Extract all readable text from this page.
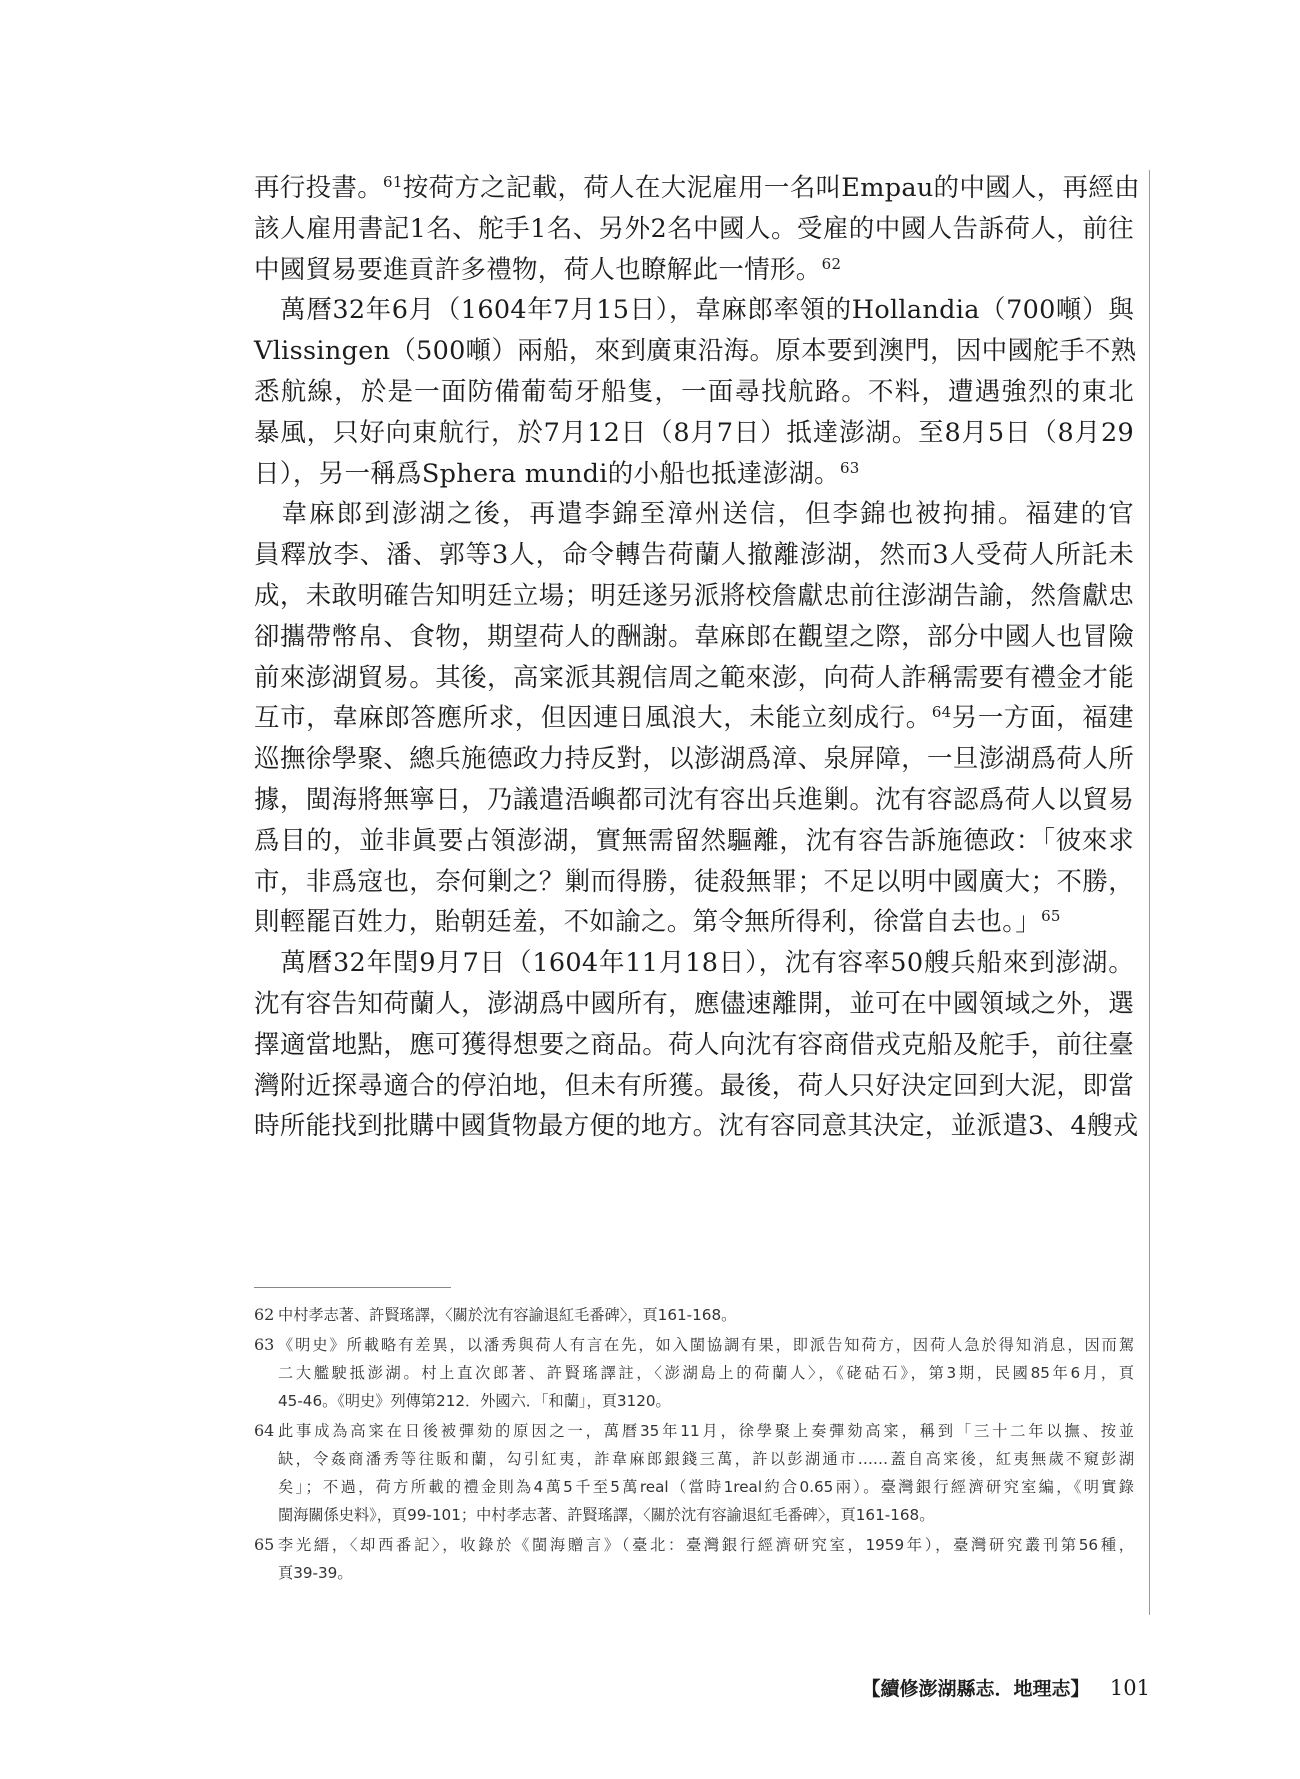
再行投書。$^{61}$按荷方之記載，荷人在大泥雇用一名叫Empau的中國人，再經由
該人雇用書記1名、舵手1名、另外2名中國人。受雇的中國人告訴荷人，前往
中國貿易要進貢許多禮物，荷人也瞭解此一情形。$^{62}$
　萬曆32年6月（1604年7月15日），韋麻郎率領的Hollandia（700噸）與
Vlissingen（500噸）兩船，來到廣東沿海。原本要到澳門，因中國舵手不熟
悉航線，於是一面防備葡萄牙船隻，一面尋找航路。不料，遭遇強烈的東北
暴風，只好向東航行，於7月12日（8月7日）抵達澎湖。至8月5日（8月29
日），另一稱爲Sphera mundi的小船也抵達澎湖。$^{63}$
　韋麻郎到澎湖之後，再遣李錦至漳州送信，但李錦也被拘捕。福建的官
員釋放李、潘、郭等3人，命令轉告荷蘭人撤離澎湖，然而3人受荷人所託未
成，未敢明確告知明廷立場；明廷遂另派將校詹獻忠前往澎湖告諭，然詹獻忠
卻攜帶幣帛、食物，期望荷人的酬謝。韋麻郎在觀望之際，部分中國人也冒險
前來澎湖貿易。其後，高寀派其親信周之範來澎，向荷人詐稱需要有禮金才能
互市，韋麻郎答應所求，但因連日風浪大，未能立刻成行。$^{64}$另一方面，福建
巡撫徐學聚、總兵施德政力持反對，以澎湖爲漳、泉屏障，一旦澎湖爲荷人所
據，閩海將無寧日，乃議遣浯嶼都司沈有容出兵進剿。沈有容認爲荷人以貿易
爲目的，並非眞要占領澎湖，實無需留然驅離，沈有容告訴施德政：「彼來求
市，非爲寇也，奈何剿之？剿而得勝，徒殺無罪；不足以明中國廣大；不勝，
則輕罷百姓力，貽朝廷羞，不如諭之。第令無所得利，徐當自去也。」$^{65}$
　萬曆32年閏9月7日（1604年11月18日），沈有容率50艘兵船來到澎湖。
沈有容告知荷蘭人，澎湖爲中國所有，應儘速離開，並可在中國領域之外，選
擇適當地點，應可獲得想要之商品。荷人向沈有容商借戎克船及舵手，前往臺
灣附近探尋適合的停泊地，但未有所獲。最後，荷人只好決定回到大泥，即當
時所能找到批購中國貨物最方便的地方。沈有容同意其決定，並派遣3、4艘戎
62 中村孝志著、許賢瑤譯，〈關於沈有容諭退紅毛番碑〉，頁161-168。
63 《明史》所載略有差異，以潘秀與荷人有言在先，如入閩協調有果，即派告知荷方，因荷人急於得知消息，因而駕
二大艦駛抵澎湖。村上直次郎著、許賢瑤譯註，〈澎湖島上的荷蘭人〉，《硓𥑮石》，第3期，民國85年6月，頁
45-46。《明史》列傳第212．外國六．「和蘭」，頁3120。
64 此事成為高寀在日後被彈劾的原因之一，萬曆35年11月，徐學聚上奏彈劾高寀，稱到「三十二年以撫、按並
缺，令姦商潘秀等往販和蘭，勾引紅夷，詐韋麻郎銀錢三萬，許以彭湖通市……蓋自高寀後，紅夷無歲不窺彭湖
矣」；不過，荷方所載的禮金則為4萬5千至5萬real（當時1real約合0.65兩）。臺灣銀行經濟研究室編，《明實錄
閩海關係史料》，頁99-101；中村孝志著、許賢瑤譯，〈關於沈有容諭退紅毛番碑〉，頁161-168。
65 李光縉，〈却西番記〉，收錄於《閩海贈言》（臺北：臺灣銀行經濟研究室，1959年），臺灣研究叢刊第56種，
頁39-39。
【續修澎湖縣志．地理志】 101
